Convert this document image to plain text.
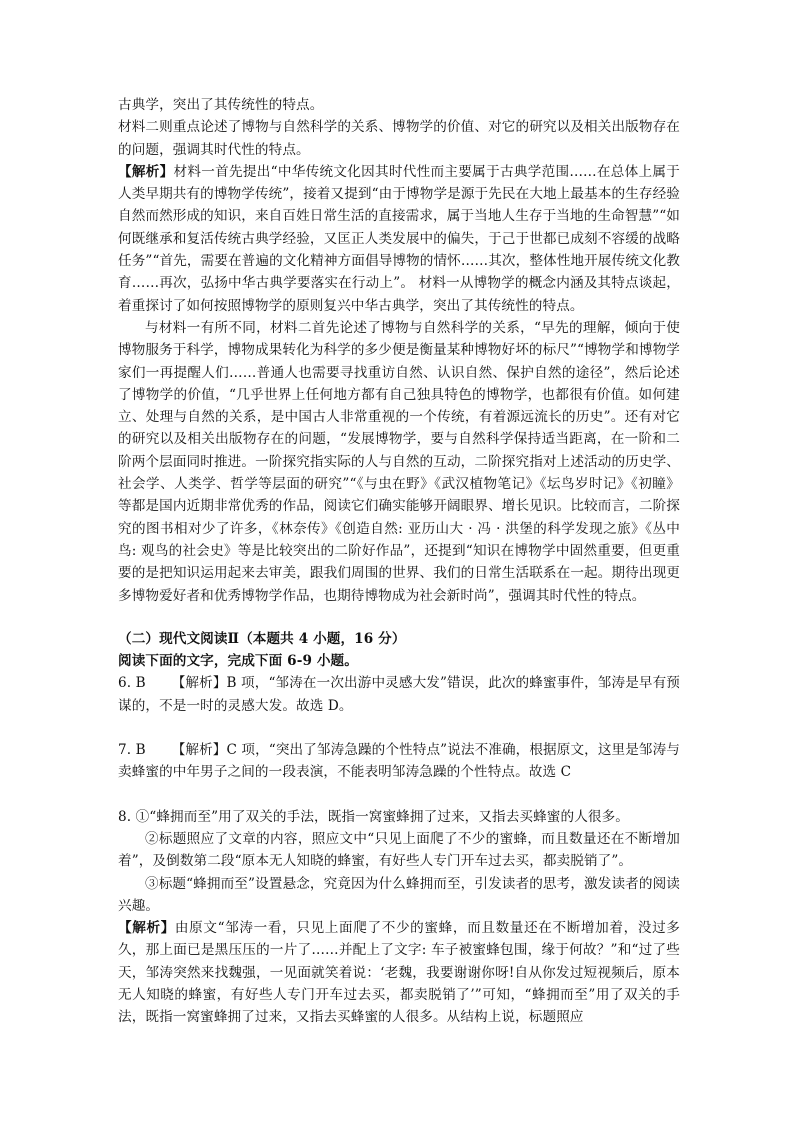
古典学，突出了其传统性的特点。

材料二则重点论述了博物与自然科学的关系、博物学的价值、对它的研究以及相关出版物存在的问题，强调其时代性的特点。

【解析】材料一首先提出“中华传统文化因其时代性而主要属于古典学范围……在总体上属于人类早期共有的博物学传统”，接着又提到“由于博物学是源于先民在大地上最基本的生存经验自然而然形成的知识，来自百姓日常生活的直接需求，属于当地人生存于当地的生命智慧”“如何既继承和复活传统古典学经验，又匡正人类发展中的偏失，于己于世都已成刻不容缓的战略任务”“首先，需要在普遍的文化精神方面倡导博物的情怀……其次，整体性地开展传统文化教育……再次，弘扬中华古典学要落实在行动上”。 材料一从博物学的概念内涵及其特点谈起，着重探讨了如何按照博物学的原则复兴中华古典学，突出了其传统性的特点。

与材料一有所不同，材料二首先论述了博物与自然科学的关系，“早先的理解，倾向于使博物服务于科学，博物成果转化为科学的多少便是衡量某种博物好坏的标尺”“博物学和博物学家们一再提醒人们……普通人也需要寻找重访自然、认识自然、保护自然的途径”，然后论述了博物学的价值，“几乎世界上任何地方都有自己独具特色的博物学，也都很有价值。如何建立、处理与自然的关系，是中国古人非常重视的一个传统，有着源远流长的历史”。还有对它的研究以及相关出版物存在的问题，“发展博物学，要与自然科学保持适当距离，在一阶和二阶两个层面同时推进。一阶探究指实际的人与自然的互动，二阶探究指对上述活动的历史学、社会学、人类学、哲学等层面的研究”“《与虫在野》《武汉植物笔记》《坛鸟岁时记》《初瞳》等都是国内近期非常优秀的作品，阅读它们确实能够开阔眼界、增长见识。比较而言，二阶探究的图书相对少了许多，《林奈传》《创造自然: 亚历山大 · 冯 · 洪堡的科学发现之旅》《丛中鸟: 观鸟的社会史》等是比较突出的二阶好作品”，还提到“知识在博物学中固然重要，但更重要的是把知识运用起来去审美，跟我们周围的世界、我们的日常生活联系在一起。期待出现更多博物爱好者和优秀博物学作品，也期待博物成为社会新时尚”，强调其时代性的特点。

（二）现代文阅读Ⅱ（本题共 4 小题，16 分）

阅读下面的文字，完成下面 6-9 小题。

6. B 【解析】B 项，“邹涛在一次出游中灵感大发”错误，此次的蜂蜜事件，邹涛是早有预谋的，不是一时的灵感大发。故选 D。

7. B 【解析】C 项，“突出了邹涛急躁的个性特点”说法不准确，根据原文，这里是邹涛与卖蜂蜜的中年男子之间的一段表演，不能表明邹涛急躁的个性特点。故选 C

8. ①“蜂拥而至”用了双关的手法，既指一窝蜜蜂拥了过来，又指去买蜂蜜的人很多。

②标题照应了文章的内容，照应文中“只见上面爬了不少的蜜蜂，而且数量还在不断增加着”，及倒数第二段“原本无人知晓的蜂蜜，有好些人专门开车过去买，都卖脱销了”。

③标题“蜂拥而至”设置悬念，究竟因为什么蜂拥而至，引发读者的思考，激发读者的阅读兴趣。

【解析】由原文“邹涛一看，只见上面爬了不少的蜜蜂，而且数量还在不断增加着，没过多久，那上面已是黑压压的一片了……并配上了文字: 车子被蜜蜂包围，缘于何故？”和“过了些天，邹涛突然来找魏强，一见面就笑着说：‘老魏，我要谢谢你呀!自从你发过短视频后，原本无人知晓的蜂蜜，有好些人专门开车过去买，都卖脱销了’”可知，“蜂拥而至”用了双关的手法，既指一窝蜜蜂拥了过来，又指去买蜂蜜的人很多。从结构上说，标题照应
